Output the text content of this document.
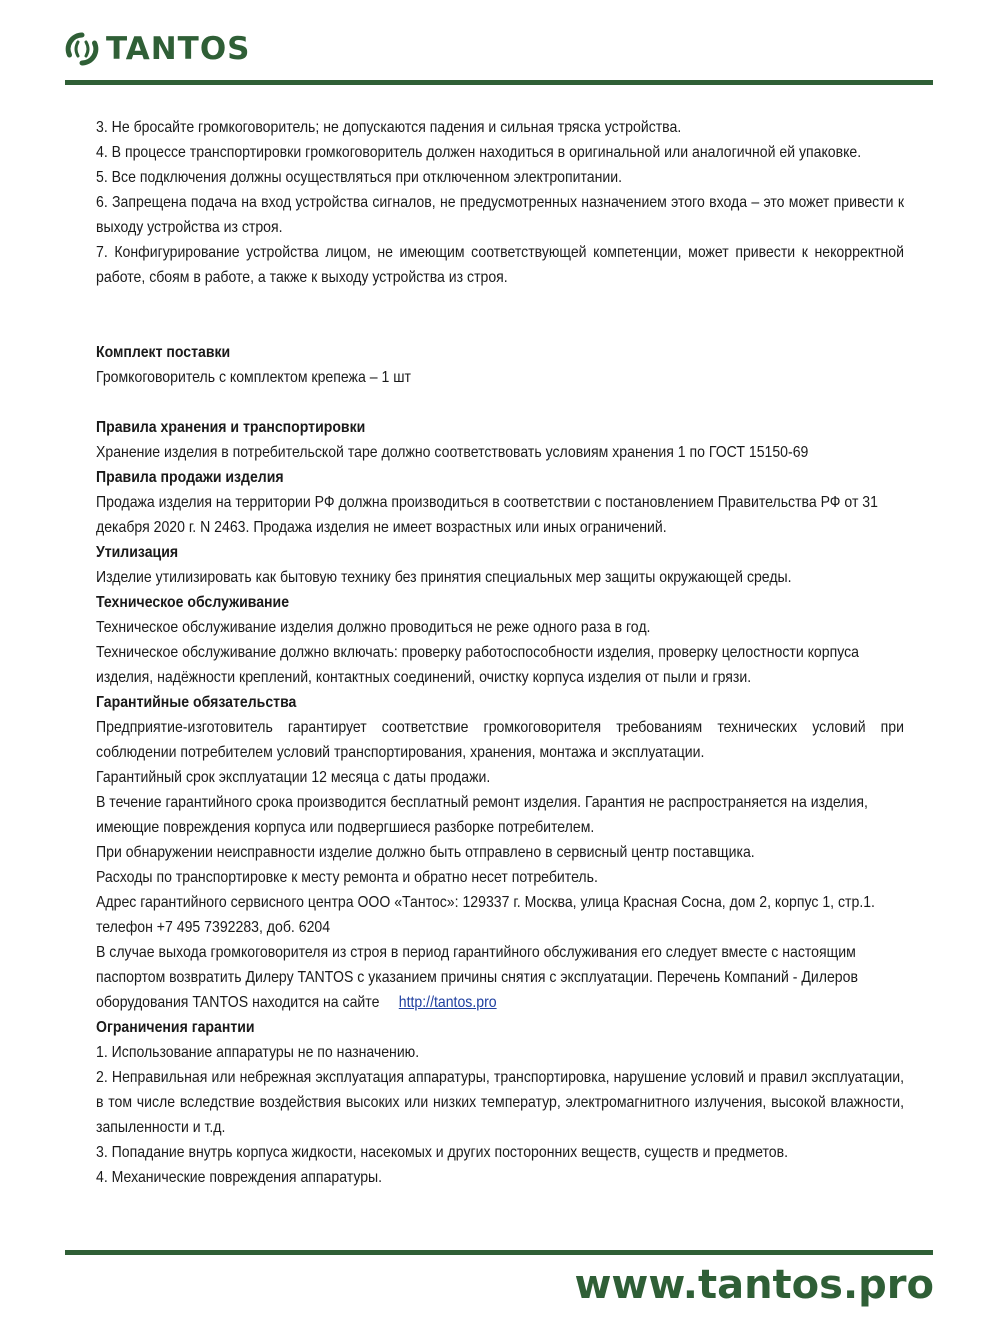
TANTOS

3. Не бросайте громкоговоритель; не допускаются падения и сильная тряска устройства.

4. В процессе транспортировки громкоговоритель должен находиться в оригинальной или аналогичной ей упаковке.

5. Все подключения должны осуществляться при отключенном электропитании.

6. Запрещена подача на вход устройства сигналов, не предусмотренных назначением этого входа – это может привести к выходу устройства из строя.

7. Конфигурирование устройства лицом, не имеющим соответствующей компетенции, может привести к некорректной работе, сбоям в работе, а также к выходу устройства из строя.

Комплект поставки

Громкоговоритель с комплектом крепежа – 1 шт

Правила хранения и транспортировки

Хранение изделия в потребительской таре должно соответствовать условиям хранения 1 по ГОСТ 15150-69

Правила продажи изделия

Продажа изделия на территории РФ должна производиться в соответствии с постановлением Правительства РФ от 31 декабря 2020 г. N 2463. Продажа изделия не имеет возрастных или иных ограничений.

Утилизация

Изделие утилизировать как бытовую технику без принятия специальных мер защиты окружающей среды.

Техническое обслуживание

Техническое обслуживание изделия должно проводиться не реже одного раза в год.

Техническое обслуживание должно включать: проверку работоспособности изделия, проверку целостности корпуса изделия, надёжности креплений, контактных соединений, очистку корпуса изделия от пыли и грязи.

Гарантийные обязательства

Предприятие-изготовитель гарантирует соответствие громкоговорителя требованиям технических условий при соблюдении потребителем условий транспортирования, хранения, монтажа и эксплуатации.

Гарантийный срок эксплуатации 12 месяца с даты продажи.

В течение гарантийного срока производится бесплатный ремонт изделия. Гарантия не распространяется на изделия, имеющие повреждения корпуса или подвергшиеся разборке потребителем.

При обнаружении неисправности изделие должно быть отправлено в сервисный центр поставщика.

Расходы по транспортировке к месту ремонта и обратно несет потребитель.

Адрес гарантийного сервисного центра ООО «Тантос»: 129337 г. Москва, улица Красная Сосна, дом 2, корпус 1, стр.1. телефон +7 495 7392283, доб. 6204

В случае выхода громкоговорителя из строя в период гарантийного обслуживания его следует вместе с настоящим паспортом возвратить Дилеру TANTOS с указанием причины снятия с эксплуатации. Перечень Компаний - Дилеров оборудования TANTOS находится на сайте http://tantos.pro

Ограничения гарантии

1. Использование аппаратуры не по назначению.

2. Неправильная или небрежная эксплуатация аппаратуры, транспортировка, нарушение условий и правил эксплуатации, в том числе вследствие воздействия высоких или низких температур, электромагнитного излучения, высокой влажности, запыленности и т.д.

3. Попадание внутрь корпуса жидкости, насекомых и других посторонних веществ, существ и предметов.

4. Механические повреждения аппаратуры.

www.tantos.pro
